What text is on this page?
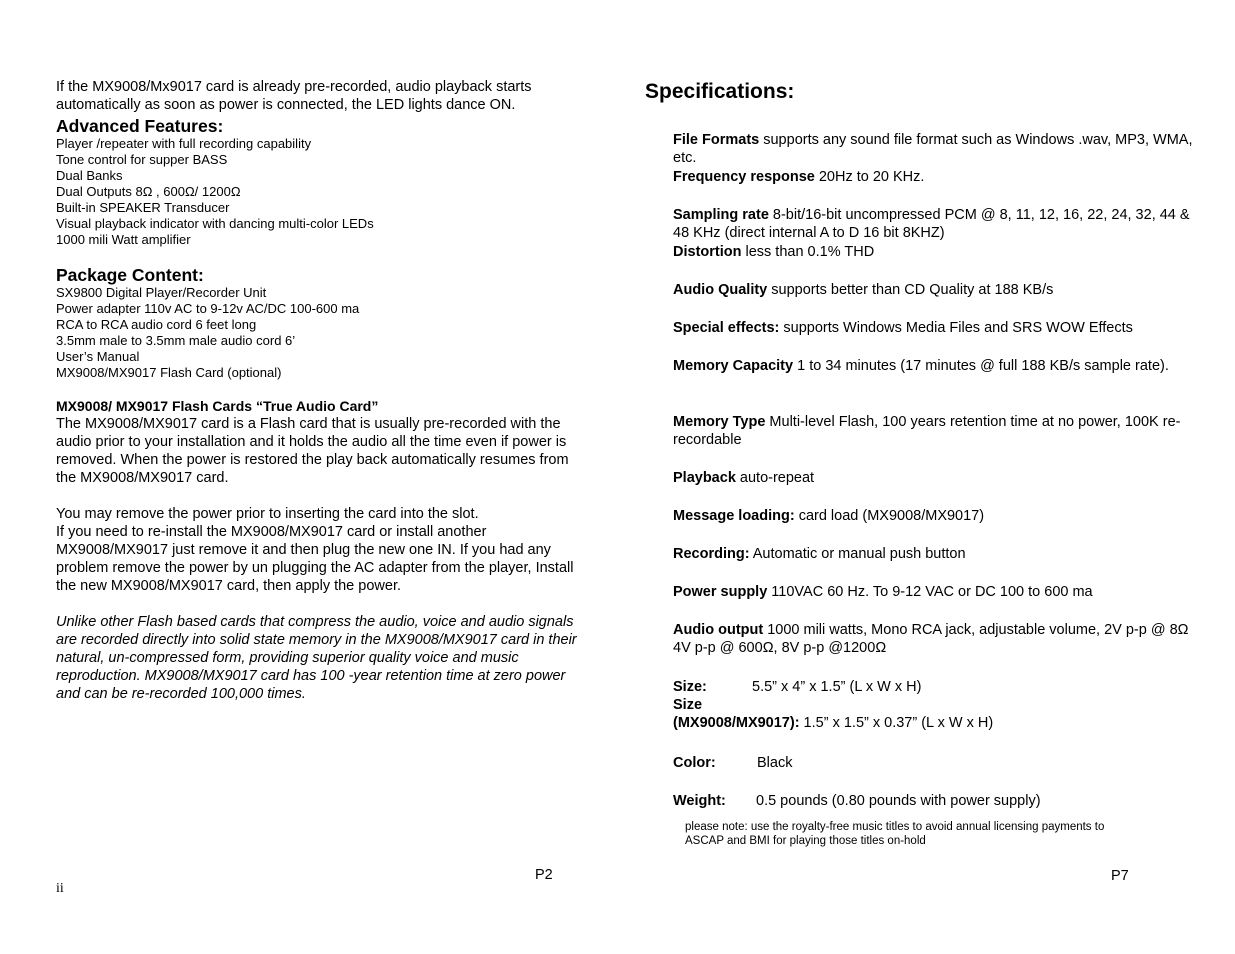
If the MX9008/Mx9017 card is already pre-recorded, audio playback starts automatically as soon as power is connected, the LED lights dance ON.

Advanced Features:
Player /repeater with full recording capability
Tone control for supper BASS
Dual Banks
Dual Outputs 8Ω , 600Ω/ 1200Ω
Built-in SPEAKER Transducer
Visual playback indicator with dancing multi-color LEDs
1000 mili Watt amplifier
Package Content:
SX9800 Digital Player/Recorder Unit
Power adapter 110v AC to 9-12v AC/DC 100-600 ma
RCA to RCA audio cord 6 feet long
3.5mm male to 3.5mm male audio cord 6’
User’s Manual
MX9008/MX9017 Flash Card (optional)

MX9008/ MX9017 Flash Cards “True Audio Card”

The MX9008/MX9017 card is a Flash card that is usually pre-recorded with the audio prior to your installation and it holds the audio all the time even if power is removed. When the power is restored the play back automatically resumes from the MX9008/MX9017 card.

You may remove the power prior to inserting the card into the slot.

If you need to re-install the MX9008/MX9017 card or install another MX9008/MX9017 just remove it and then plug the new one IN. If you had any problem remove the power by un plugging the AC adapter from the player, Install the new MX9008/MX9017 card, then apply the power.

Unlike other Flash based cards that compress the audio, voice and audio signals are recorded directly into solid state memory in the MX9008/MX9017 card in their natural, un-compressed form, providing superior quality voice and music reproduction. MX9008/MX9017 card has 100 -year retention time at zero power and can be re-recorded 100,000 times.

P2
ii
Specifications:
File Formats supports any sound file format such as Windows .wav, MP3, WMA, etc.
Frequency response 20Hz to 20 KHz.
Sampling rate 8-bit/16-bit uncompressed PCM @ 8, 11, 12, 16, 22, 24, 32, 44 & 48 KHz (direct internal A to D 16 bit 8KHZ)
Distortion less than 0.1% THD
Audio Quality supports better than CD Quality at 188 KB/s
Special effects: supports Windows Media Files and SRS WOW Effects
Memory Capacity 1 to 34 minutes (17 minutes @ full 188 KB/s sample rate).
Memory Type Multi-level Flash, 100 years retention time at no power, 100K re-recordable
Playback auto-repeat
Message loading: card load (MX9008/MX9017)
Recording: Automatic or manual push button
Power supply 110VAC 60 Hz. To 9-12 VAC or DC 100 to 600 ma
Audio output 1000 mili watts, Mono RCA jack, adjustable volume, 2V p-p @ 8Ω 4V p-p @ 600Ω, 8V p-p @1200Ω
Size:	5.5” x 4” x 1.5” (L x W x H)
Size
(MX9008/MX9017): 1.5” x 1.5” x 0.37” (L x W x H)
Color:	Black
Weight: 0.5 pounds (0.80 pounds with power supply)
please note: use the royalty-free music titles to avoid annual licensing payments to ASCAP and BMI for playing those titles on-hold
P7
